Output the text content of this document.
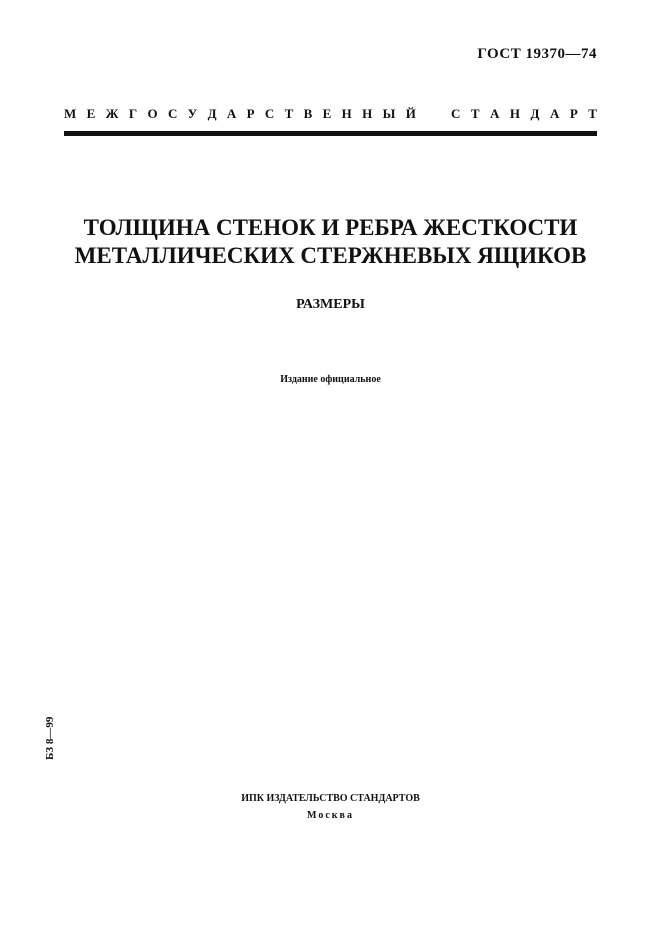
ГОСТ 19370—74
М Е Ж Г О С У Д А Р С Т В Е Н Н Ы Й	С Т А Н Д А Р Т
ТОЛЩИНА СТЕНОК И РЕБРА ЖЕСТКОСТИ
МЕТАЛЛИЧЕСКИХ СТЕРЖНЕВЫХ ЯЩИКОВ
РАЗМЕРЫ
Издание официальное
БЗ 8—99
ИПК ИЗДАТЕЛЬСТВО СТАНДАРТОВ
Москва
